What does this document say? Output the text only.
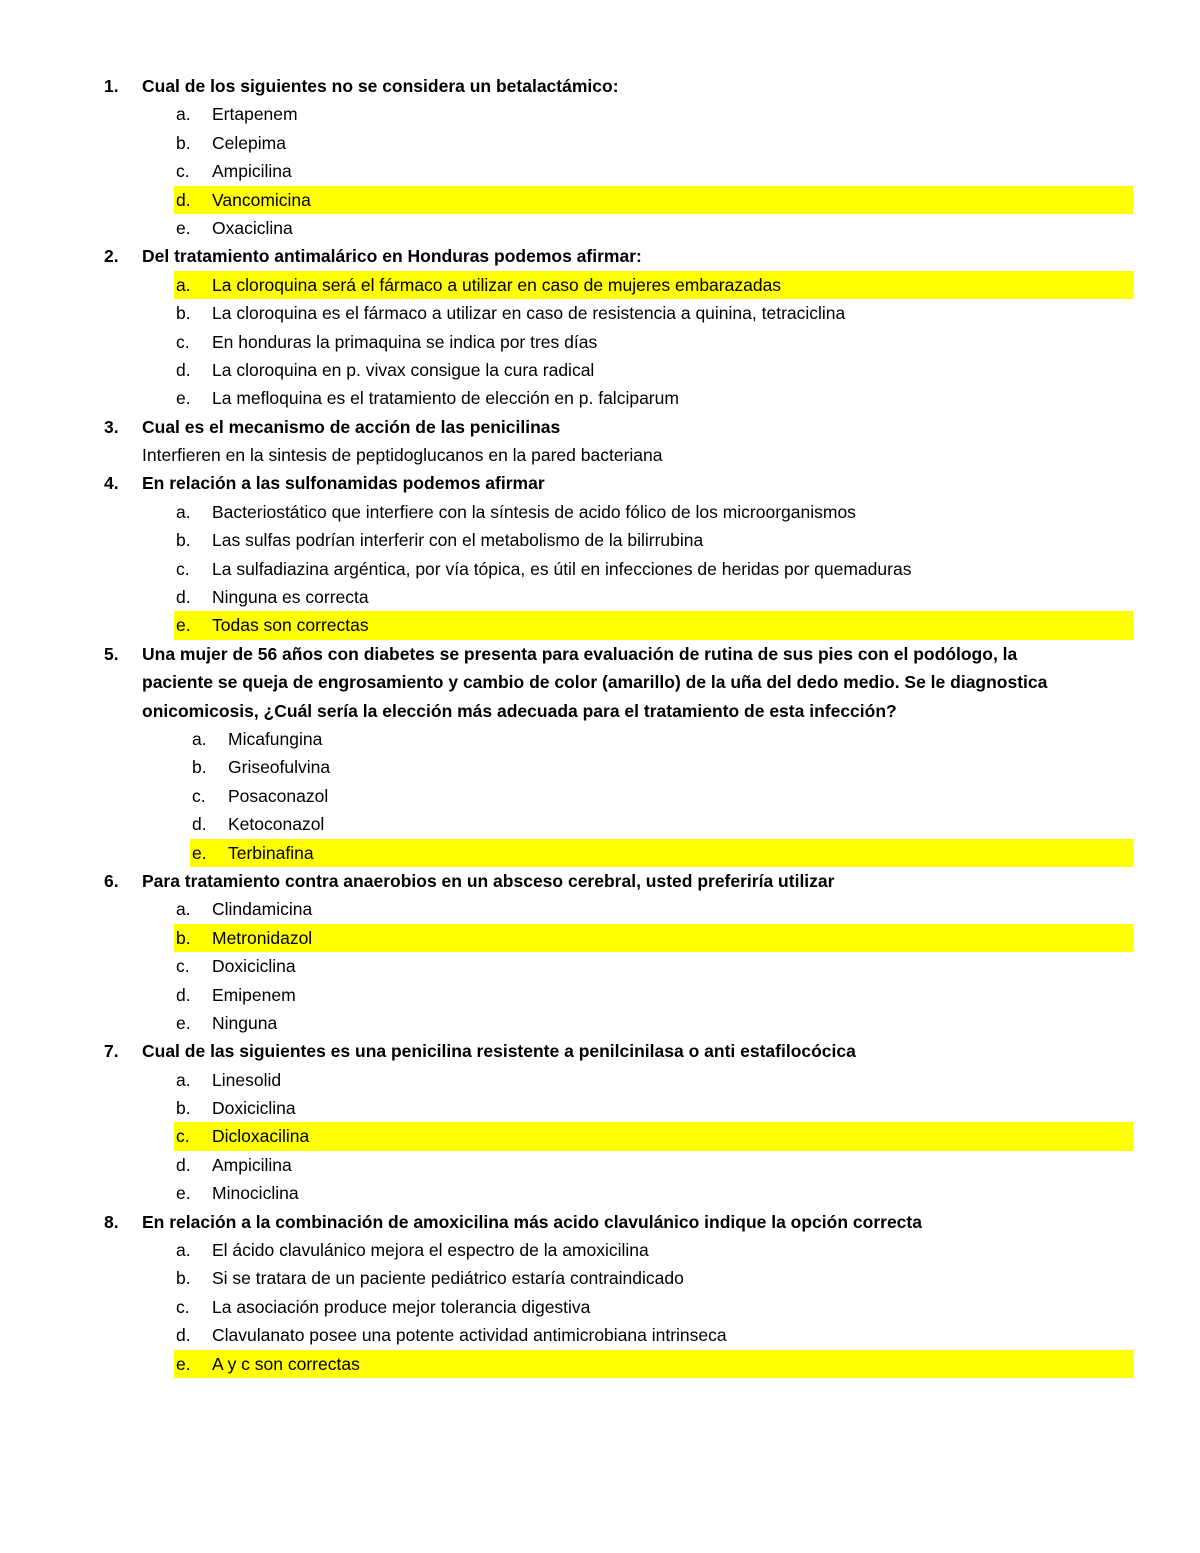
1. Cual de los siguientes no se considera un betalactámico:
a. Ertapenem
b. Celepima
c. Ampicilina
d. Vancomicina
e. Oxaciclina
2. Del tratamiento antimalárico en Honduras podemos afirmar:
a. La cloroquina será el fármaco a utilizar en caso de mujeres embarazadas
b. La cloroquina es el fármaco a utilizar en caso de resistencia a quinina, tetraciclina
c. En honduras la primaquina se indica por tres días
d. La cloroquina en p. vivax consigue la cura radical
e. La mefloquina es el tratamiento de elección en p. falciparum
3. Cual es el mecanismo de acción de las penicilinas
Interfieren en la sintesis de peptidoglucanos en la pared bacteriana
4. En relación a las sulfonamidas podemos afirmar
a. Bacteriostático que interfiere con la síntesis de acido fólico de los microorganismos
b. Las sulfas podrían interferir con el metabolismo de la bilirrubina
c. La sulfadiazina argéntica, por vía tópica, es útil en infecciones de heridas por quemaduras
d. Ninguna es correcta
e. Todas son correctas
5. Una mujer de 56 años con diabetes se presenta para evaluación de rutina de sus pies con el podólogo, la
paciente se queja de engrosamiento y cambio de color (amarillo) de la uña del dedo medio. Se le diagnostica
onicomicosis, ¿Cuál sería la elección más adecuada para el tratamiento de esta infección?
a. Micafungina
b. Griseofulvina
c. Posaconazol
d. Ketoconazol
e. Terbinafina
6. Para tratamiento contra anaerobios en un absceso cerebral, usted preferiría utilizar
a. Clindamicina
b. Metronidazol
c. Doxiciclina
d. Emipenem
e. Ninguna
7. Cual de las siguientes es una penicilina resistente a penilcinilasa o anti estafilocócica
a. Linesolid
b. Doxiciclina
c. Dicloxacilina
d. Ampicilina
e. Minociclina
8. En relación a la combinación de amoxicilina más acido clavulánico indique la opción correcta
a. El ácido clavulánico mejora el espectro de la amoxicilina
b. Si se tratara de un paciente pediátrico estaría contraindicado
c. La asociación produce mejor tolerancia digestiva
d. Clavulanato posee una potente actividad antimicrobiana intrinseca
e. A y c son correctas
